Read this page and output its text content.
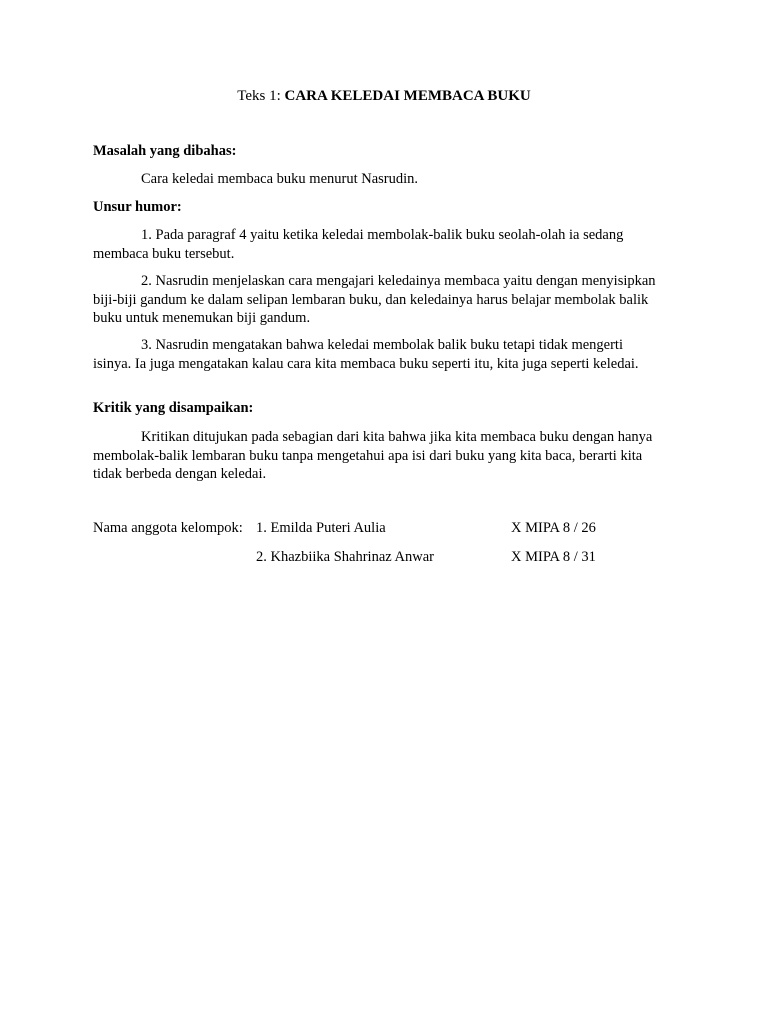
Teks 1: CARA KELEDAI MEMBACA BUKU
Masalah yang dibahas:
Cara keledai membaca buku menurut Nasrudin.
Unsur humor:
1. Pada paragraf 4 yaitu ketika keledai membolak-balik buku seolah-olah ia sedang membaca buku tersebut.
2. Nasrudin menjelaskan cara mengajari keledainya membaca yaitu dengan menyisipkan biji-biji gandum ke dalam selipan lembaran buku, dan keledainya harus belajar membolak balik buku untuk menemukan biji gandum.
3. Nasrudin mengatakan bahwa keledai membolak balik buku tetapi tidak mengerti isinya. Ia juga mengatakan kalau cara kita membaca buku seperti itu, kita juga seperti keledai.
Kritik yang disampaikan:
Kritikan ditujukan pada sebagian dari kita bahwa jika kita membaca buku dengan hanya membolak-balik lembaran buku tanpa mengetahui apa isi dari buku yang kita baca, berarti kita tidak berbeda dengan keledai.
Nama anggota kelompok: 1. Emilda Puteri Aulia	X MIPA 8 / 26
2. Khazbiika Shahrinaz Anwar	X MIPA 8 / 31
